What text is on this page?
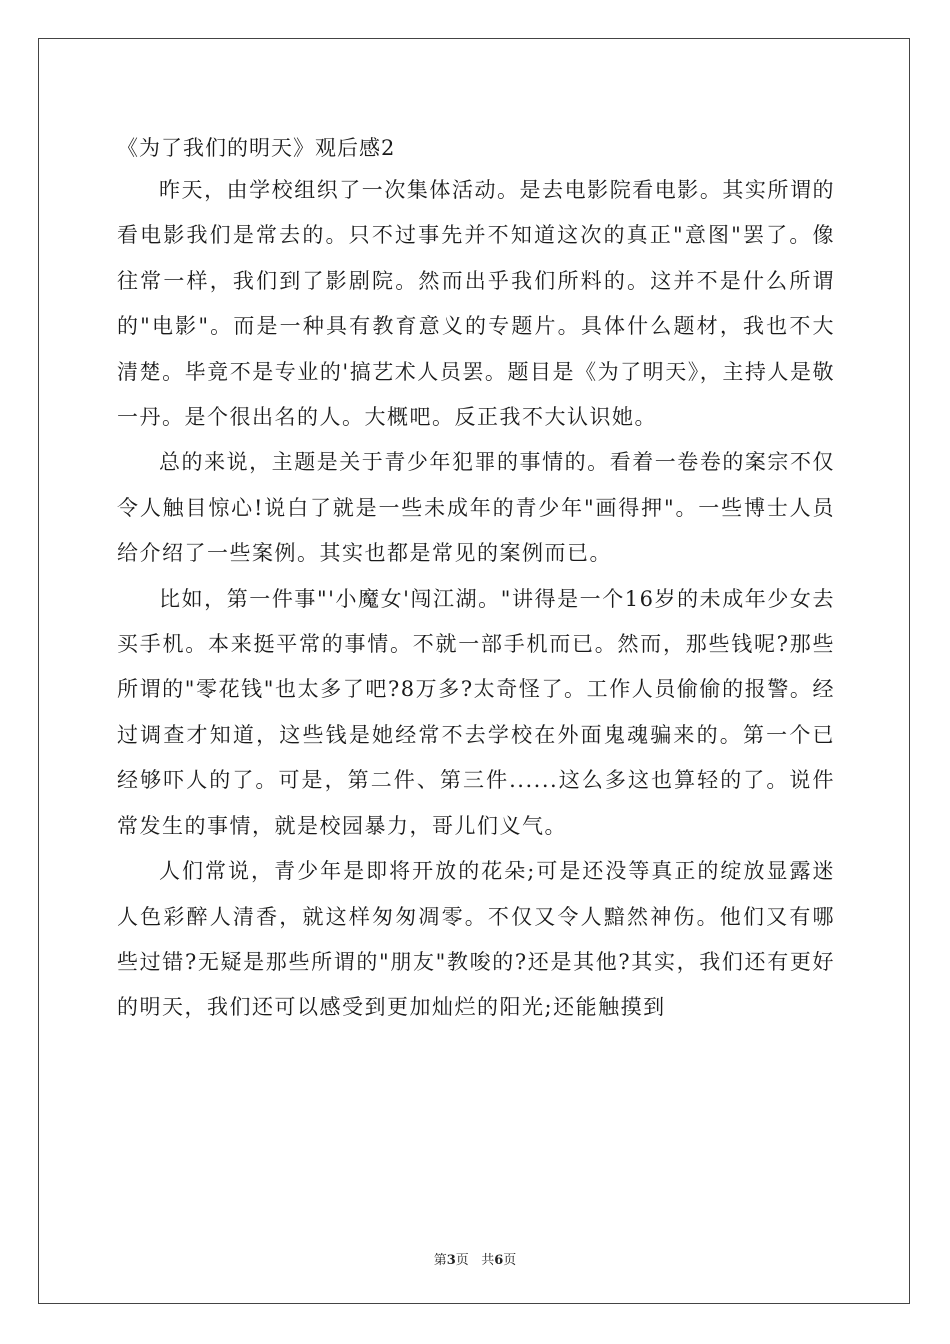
《为了我们的明天》观后感2

昨天，由学校组织了一次集体活动。是去电影院看电影。其实所谓的看电影我们是常去的。只不过事先并不知道这次的真正"意图"罢了。像往常一样，我们到了影剧院。然而出乎我们所料的。这并不是什么所谓的"电影"。而是一种具有教育意义的专题片。具体什么题材，我也不大清楚。毕竟不是专业的'搞艺术人员罢。题目是《为了明天》，主持人是敬一丹。是个很出名的人。大概吧。反正我不大认识她。

总的来说，主题是关于青少年犯罪的事情的。看着一卷卷的案宗不仅令人触目惊心!说白了就是一些未成年的青少年"画得押"。一些博士人员给介绍了一些案例。其实也都是常见的案例而已。

比如，第一件事"'小魔女'闯江湖。"讲得是一个16岁的未成年少女去买手机。本来挺平常的事情。不就一部手机而已。然而，那些钱呢?那些所谓的"零花钱"也太多了吧?8万多?太奇怪了。工作人员偷偷的报警。经过调查才知道，这些钱是她经常不去学校在外面鬼魂骗来的。第一个已经够吓人的了。可是，第二件、第三件......这么多这也算轻的了。说件常发生的事情，就是校园暴力，哥儿们义气。

人们常说，青少年是即将开放的花朵;可是还没等真正的绽放显露迷人色彩醉人清香，就这样匆匆凋零。不仅又令人黯然神伤。他们又有哪些过错?无疑是那些所谓的"朋友"教唆的?还是其他?其实，我们还有更好的明天，我们还可以感受到更加灿烂的阳光;还能触摸到

第3页 共6页
